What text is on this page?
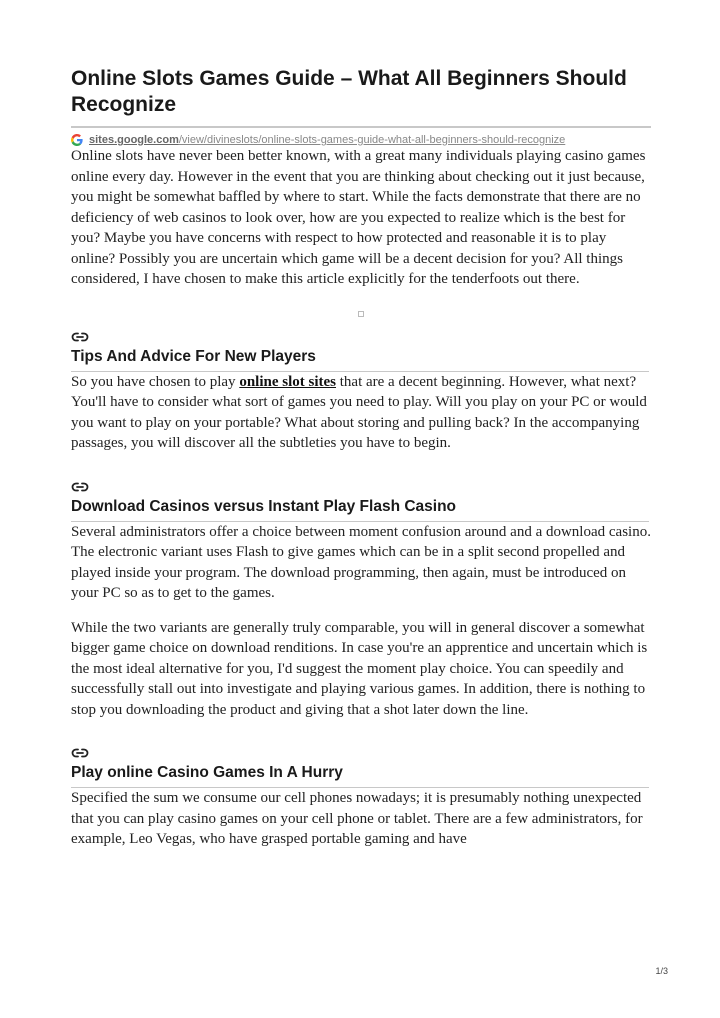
Online Slots Games Guide – What All Beginners Should Recognize
sites.google.com /view/divineslots/online-slots-games-guide-what-all-beginners-should-recognize

Online slots have never been better known, with a great many individuals playing casino games online every day. However in the event that you are thinking about checking out it just because, you might be somewhat baffled by where to start. While the facts demonstrate that there are no deficiency of web casinos to look over, how are you expected to realize which is the best for you? Maybe you have concerns with respect to how protected and reasonable it is to play online? Possibly you are uncertain which game will be a decent decision for you? All things considered, I have chosen to make this article explicitly for the tenderfoots out there.

Tips And Advice For New Players

So you have chosen to play online slot sites that are a decent beginning. However, what next? You'll have to consider what sort of games you need to play. Will you play on your PC or would you want to play on your portable? What about storing and pulling back? In the accompanying passages, you will discover all the subtleties you have to begin.

Download Casinos versus Instant Play Flash Casino

Several administrators offer a choice between moment confusion around and a download casino. The electronic variant uses Flash to give games which can be in a split second propelled and played inside your program. The download programming, then again, must be introduced on your PC so as to get to the games.

While the two variants are generally truly comparable, you will in general discover a somewhat bigger game choice on download renditions. In case you're an apprentice and uncertain which is the most ideal alternative for you, I'd suggest the moment play choice. You can speedily and successfully stall out into investigate and playing various games. In addition, there is nothing to stop you downloading the product and giving that a shot later down the line.

Play online Casino Games In A Hurry

Specified the sum we consume our cell phones nowadays; it is presumably nothing unexpected that you can play casino games on your cell phone or tablet. There are a few administrators, for example, Leo Vegas, who have grasped portable gaming and have

1/3
